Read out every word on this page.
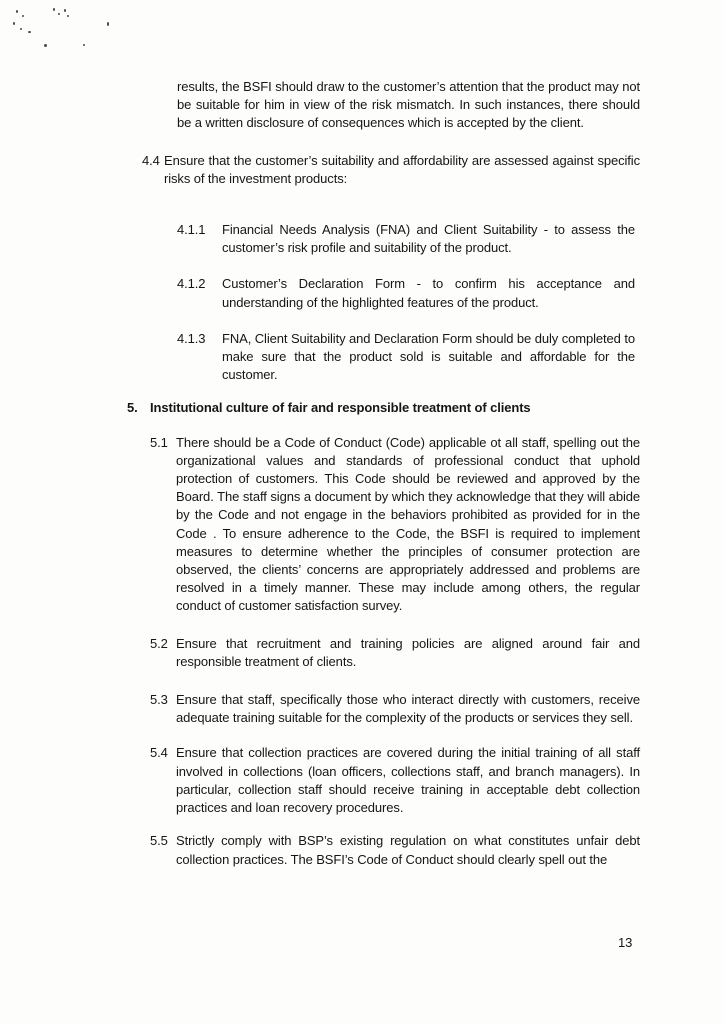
results, the BSFI should draw to the customer’s attention that the product may not be suitable for him in view of the risk mismatch. In such instances, there should be a written disclosure of consequences which is accepted by the client.
4.4 Ensure that the customer’s suitability and affordability are assessed against specific risks of the investment products:
4.1.1	Financial Needs Analysis (FNA) and Client Suitability - to assess the customer’s risk profile and suitability of the product.
4.1.2	Customer’s Declaration Form - to confirm his acceptance and understanding of the highlighted features of the product.
4.1.3	FNA, Client Suitability and Declaration Form should be duly completed to make sure that the product sold is suitable and affordable for the customer.
5. Institutional culture of fair and responsible treatment of clients
5.1 There should be a Code of Conduct (Code) applicable ot all staff, spelling out the organizational values and standards of professional conduct that uphold protection of customers. This Code should be reviewed and approved by the Board. The staff signs a document by which they acknowledge that they will abide by the Code and not engage in the behaviors prohibited as provided for in the Code . To ensure adherence to the Code, the BSFI is required to implement measures to determine whether the principles of consumer protection are observed, the clients’ concerns are appropriately addressed and problems are resolved in a timely manner. These may include among others, the regular conduct of customer satisfaction survey.
5.2 Ensure that recruitment and training policies are aligned around fair and responsible treatment of clients.
5.3 Ensure that staff, specifically those who interact directly with customers, receive adequate training suitable for the complexity of the products or services they sell.
5.4 Ensure that collection practices are covered during the initial training of all staff involved in collections (loan officers, collections staff, and branch managers). In particular, collection staff should receive training in acceptable debt collection practices and loan recovery procedures.
5.5 Strictly comply with BSP’s existing regulation on what constitutes unfair debt collection practices. The BSFI’s Code of Conduct should clearly spell out the
13
